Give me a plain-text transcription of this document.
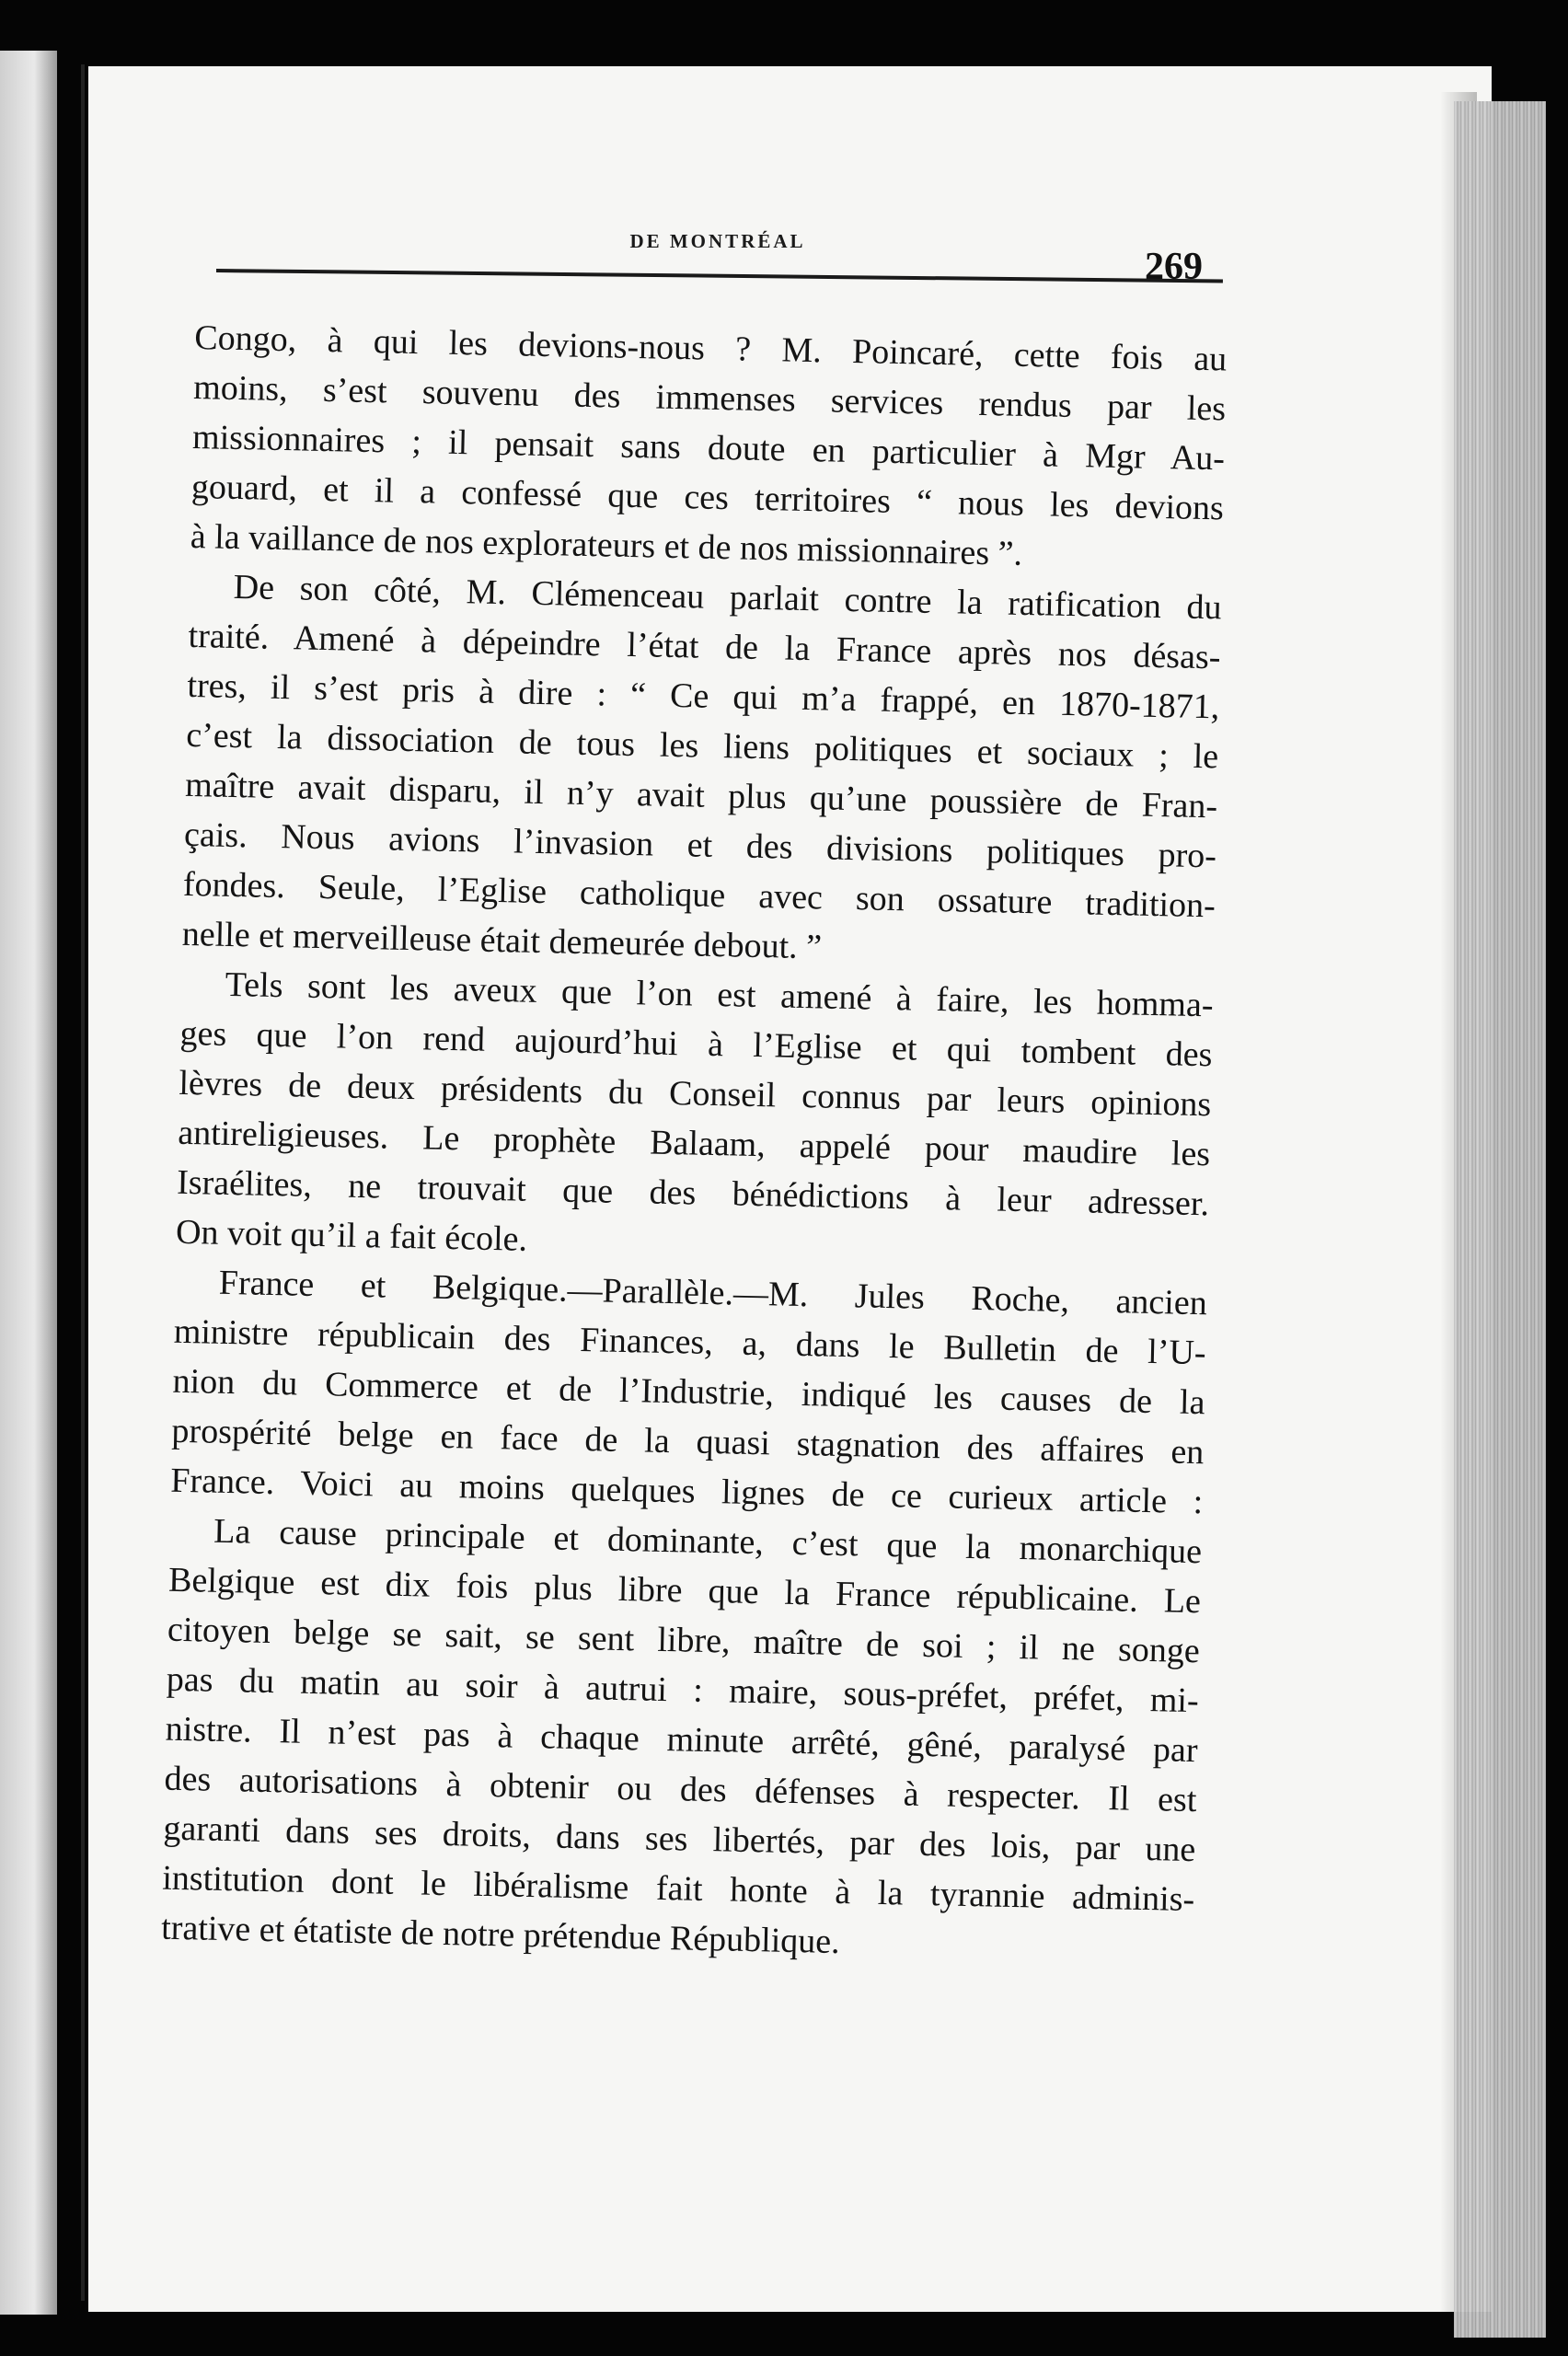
DE MONTRÉAL
269
Congo, à qui les devions-nous ? M. Poincaré, cette fois au
moins, s’est souvenu des immenses services rendus par les
missionnaires ; il pensait sans doute en particulier à Mgr Au-
gouard, et il a confessé que ces territoires “ nous les devions
à la vaillance de nos explorateurs et de nos missionnaires ”.
De son côté, M. Clémenceau parlait contre la ratification du
traité. Amené à dépeindre l’état de la France après nos désas-
tres, il s’est pris à dire : “ Ce qui m’a frappé, en 1870-1871,
c’est la dissociation de tous les liens politiques et sociaux ; le
maître avait disparu, il n’y avait plus qu’une poussière de Fran-
çais. Nous avions l’invasion et des divisions politiques pro-
fondes. Seule, l’Eglise catholique avec son ossature tradition-
nelle et merveilleuse était demeurée debout. ”
Tels sont les aveux que l’on est amené à faire, les homma-
ges que l’on rend aujourd’hui à l’Eglise et qui tombent des
lèvres de deux présidents du Conseil connus par leurs opinions
antireligieuses. Le prophète Balaam, appelé pour maudire les
Israélites, ne trouvait que des bénédictions à leur adresser.
On voit qu’il a fait école.
France et Belgique.—Parallèle.—M. Jules Roche, ancien
ministre républicain des Finances, a, dans le Bulletin de l’U-
nion du Commerce et de l’Industrie, indiqué les causes de la
prospérité belge en face de la quasi stagnation des affaires en
France. Voici au moins quelques lignes de ce curieux article :
La cause principale et dominante, c’est que la monarchique
Belgique est dix fois plus libre que la France républicaine. Le
citoyen belge se sait, se sent libre, maître de soi ; il ne songe
pas du matin au soir à autrui : maire, sous-préfet, préfet, mi-
nistre. Il n’est pas à chaque minute arrêté, gêné, paralysé par
des autorisations à obtenir ou des défenses à respecter. Il est
garanti dans ses droits, dans ses libertés, par des lois, par une
institution dont le libéralisme fait honte à la tyrannie adminis-
trative et étatiste de notre prétendue République.
